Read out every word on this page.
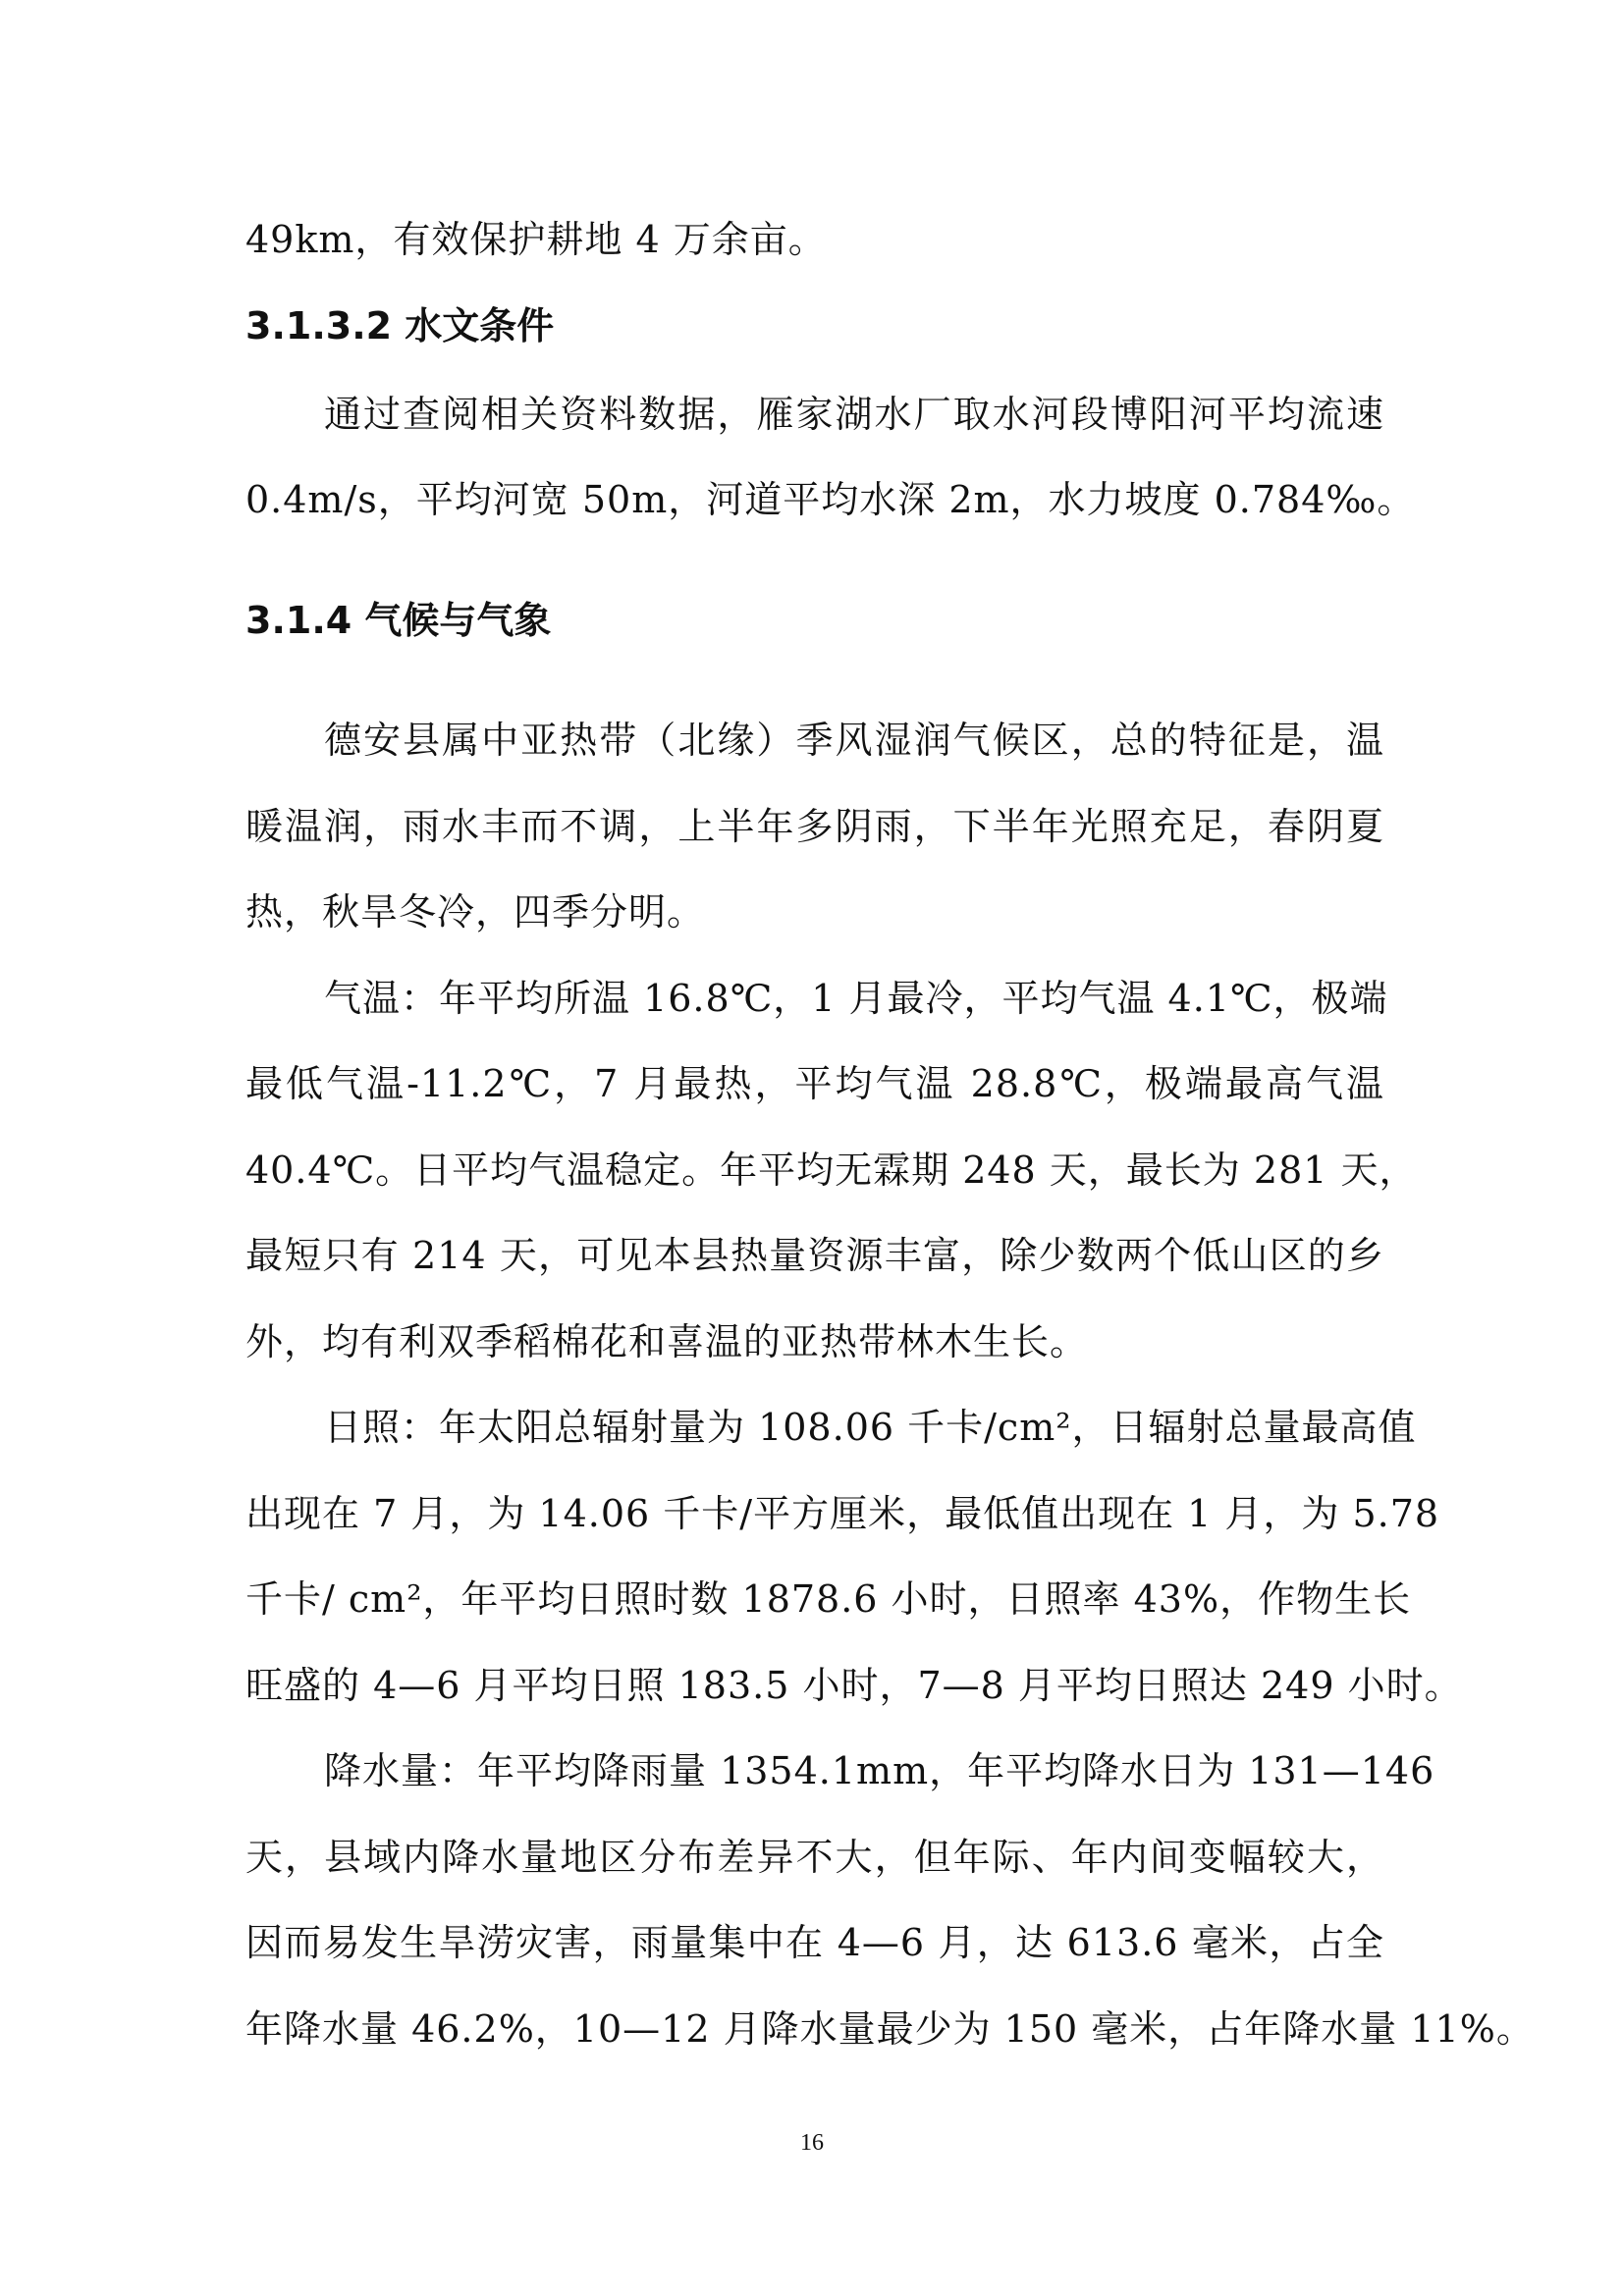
49km，有效保护耕地 4 万余亩。
3.1.3.2 水文条件
通过查阅相关资料数据，雁家湖水厂取水河段博阳河平均流速
0.4m/s，平均河宽 50m，河道平均水深 2m，水力坡度 0.784‰。
3.1.4 气候与气象
德安县属中亚热带（北缘）季风湿润气候区，总的特征是，温
暖温润，雨水丰而不调，上半年多阴雨，下半年光照充足，春阴夏
热，秋旱冬冷，四季分明。
气温：年平均所温 16.8℃，1 月最冷，平均气温 4.1℃，极端
最低气温-11.2℃，7 月最热，平均气温 28.8℃，极端最高气温
40.4℃。日平均气温稳定。年平均无霖期 248 天，最长为 281 天，
最短只有 214 天，可见本县热量资源丰富，除少数两个低山区的乡
外，均有利双季稻棉花和喜温的亚热带林木生长。
日照：年太阳总辐射量为 108.06 千卡/cm²，日辐射总量最高值
出现在 7 月，为 14.06 千卡/平方厘米，最低值出现在 1 月，为 5.78
千卡/ cm²，年平均日照时数 1878.6 小时，日照率 43%，作物生长
旺盛的 4—6 月平均日照 183.5 小时，7—8 月平均日照达 249 小时。
降水量：年平均降雨量 1354.1mm，年平均降水日为 131—146
天，县域内降水量地区分布差异不大，但年际、年内间变幅较大，
因而易发生旱涝灾害，雨量集中在 4—6 月，达 613.6 毫米，占全
年降水量 46.2%，10—12 月降水量最少为 150 毫米，占年降水量 11%。
16
